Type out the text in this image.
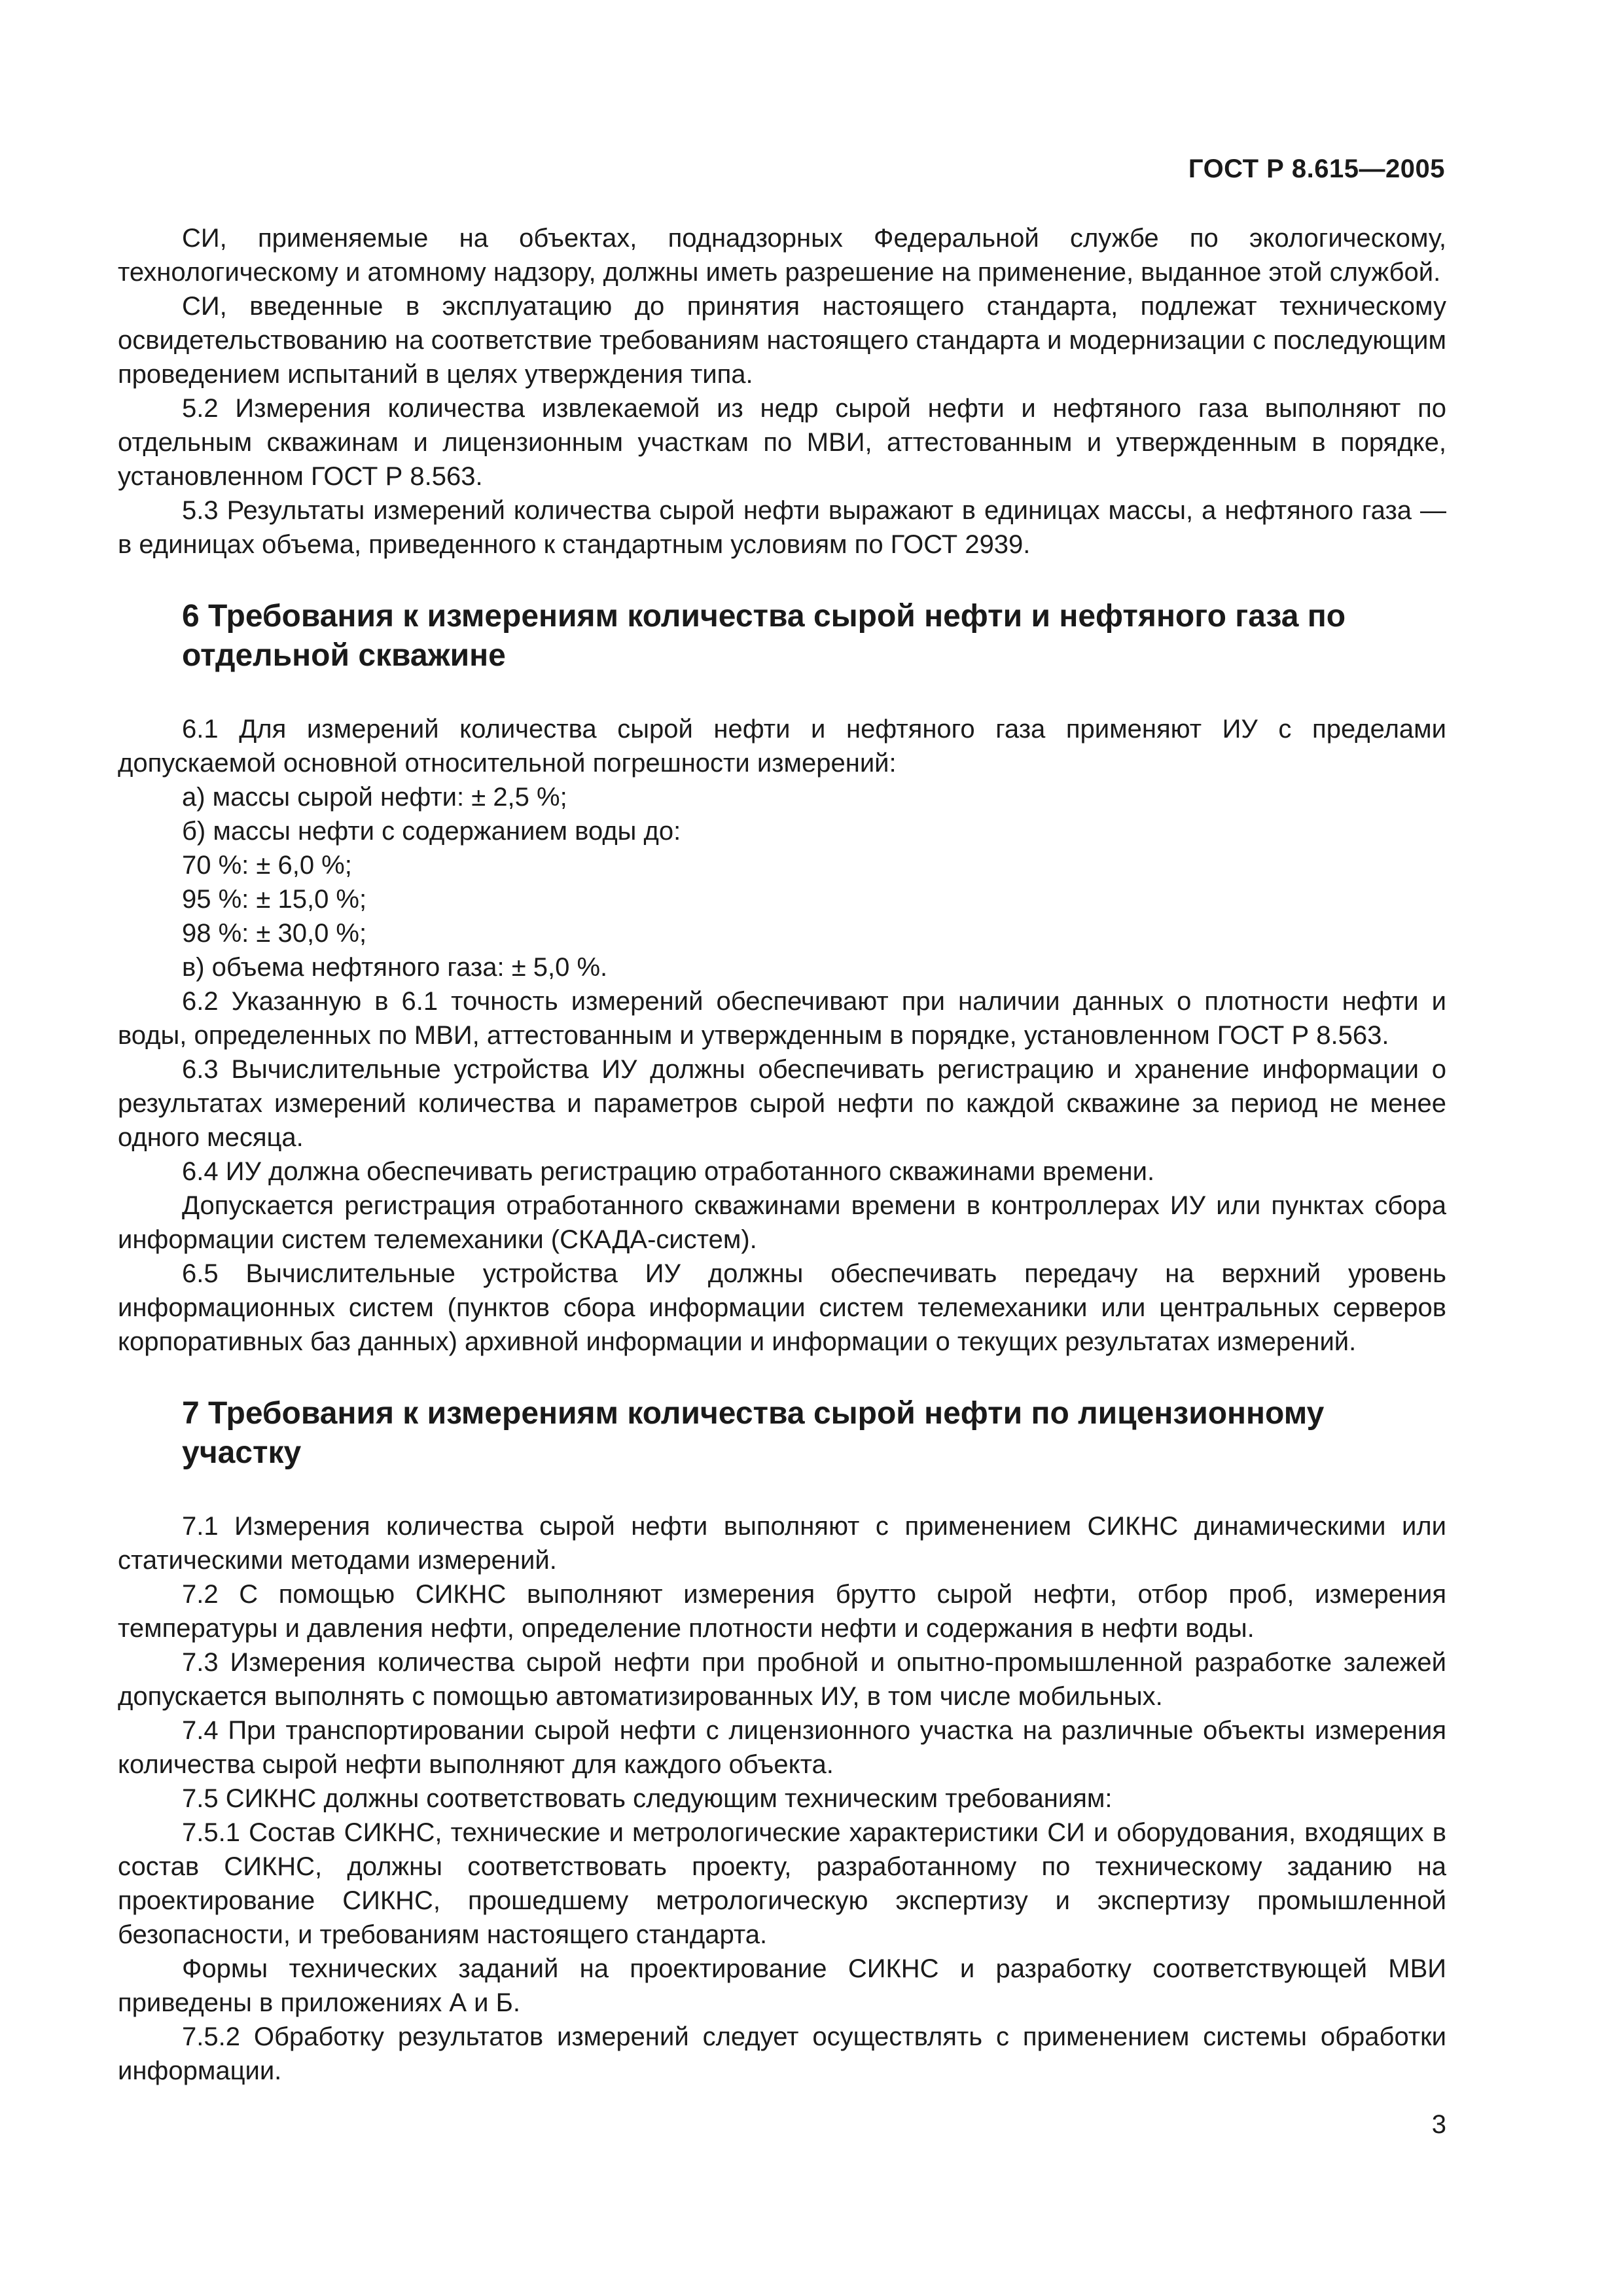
ГОСТ Р 8.615—2005

СИ, применяемые на объектах, поднадзорных Федеральной службе по экологическому, технологическому и атомному надзору, должны иметь разрешение на применение, выданное этой службой.

СИ, введенные в эксплуатацию до принятия настоящего стандарта, подлежат техническому освидетельствованию на соответствие требованиям настоящего стандарта и модернизации с последующим проведением испытаний в целях утверждения типа.

5.2 Измерения количества извлекаемой из недр сырой нефти и нефтяного газа выполняют по отдельным скважинам и лицензионным участкам по МВИ, аттестованным и утвержденным в порядке, установленном ГОСТ Р 8.563.

5.3 Результаты измерений количества сырой нефти выражают в единицах массы, а нефтяного газа — в единицах объема, приведенного к стандартным условиям по ГОСТ 2939.

6 Требования к измерениям количества сырой нефти и нефтяного газа по отдельной скважине

6.1 Для измерений количества сырой нефти и нефтяного газа применяют ИУ с пределами допускаемой основной относительной погрешности измерений:

а) массы сырой нефти: ± 2,5 %;

б) массы нефти с содержанием воды до:

70 %: ± 6,0 %;

95 %: ± 15,0 %;

98 %: ± 30,0 %;

в) объема нефтяного газа: ± 5,0 %.

6.2 Указанную в 6.1 точность измерений обеспечивают при наличии данных о плотности нефти и воды, определенных по МВИ, аттестованным и утвержденным в порядке, установленном ГОСТ Р 8.563.

6.3 Вычислительные устройства ИУ должны обеспечивать регистрацию и хранение информации о результатах измерений количества и параметров сырой нефти по каждой скважине за период не менее одного месяца.

6.4 ИУ должна обеспечивать регистрацию отработанного скважинами времени.

Допускается регистрация отработанного скважинами времени в контроллерах ИУ или пунктах сбора информации систем телемеханики (СКАДА-систем).

6.5 Вычислительные устройства ИУ должны обеспечивать передачу на верхний уровень информационных систем (пунктов сбора информации систем телемеханики или центральных серверов корпоративных баз данных) архивной информации и информации о текущих результатах измерений.

7 Требования к измерениям количества сырой нефти по лицензионному участку

7.1 Измерения количества сырой нефти выполняют с применением СИКНС динамическими или статическими методами измерений.

7.2 С помощью СИКНС выполняют измерения брутто сырой нефти, отбор проб, измерения температуры и давления нефти, определение плотности нефти и содержания в нефти воды.

7.3 Измерения количества сырой нефти при пробной и опытно-промышленной разработке залежей допускается выполнять с помощью автоматизированных ИУ, в том числе мобильных.

7.4 При транспортировании сырой нефти с лицензионного участка на различные объекты измерения количества сырой нефти выполняют для каждого объекта.

7.5 СИКНС должны соответствовать следующим техническим требованиям:

7.5.1 Состав СИКНС, технические и метрологические характеристики СИ и оборудования, входящих в состав СИКНС, должны соответствовать проекту, разработанному по техническому заданию на проектирование СИКНС, прошедшему метрологическую экспертизу и экспертизу промышленной безопасности, и требованиям настоящего стандарта.

Формы технических заданий на проектирование СИКНС и разработку соответствующей МВИ приведены в приложениях А и Б.

7.5.2 Обработку результатов измерений следует осуществлять с применением системы обработки информации.

3
